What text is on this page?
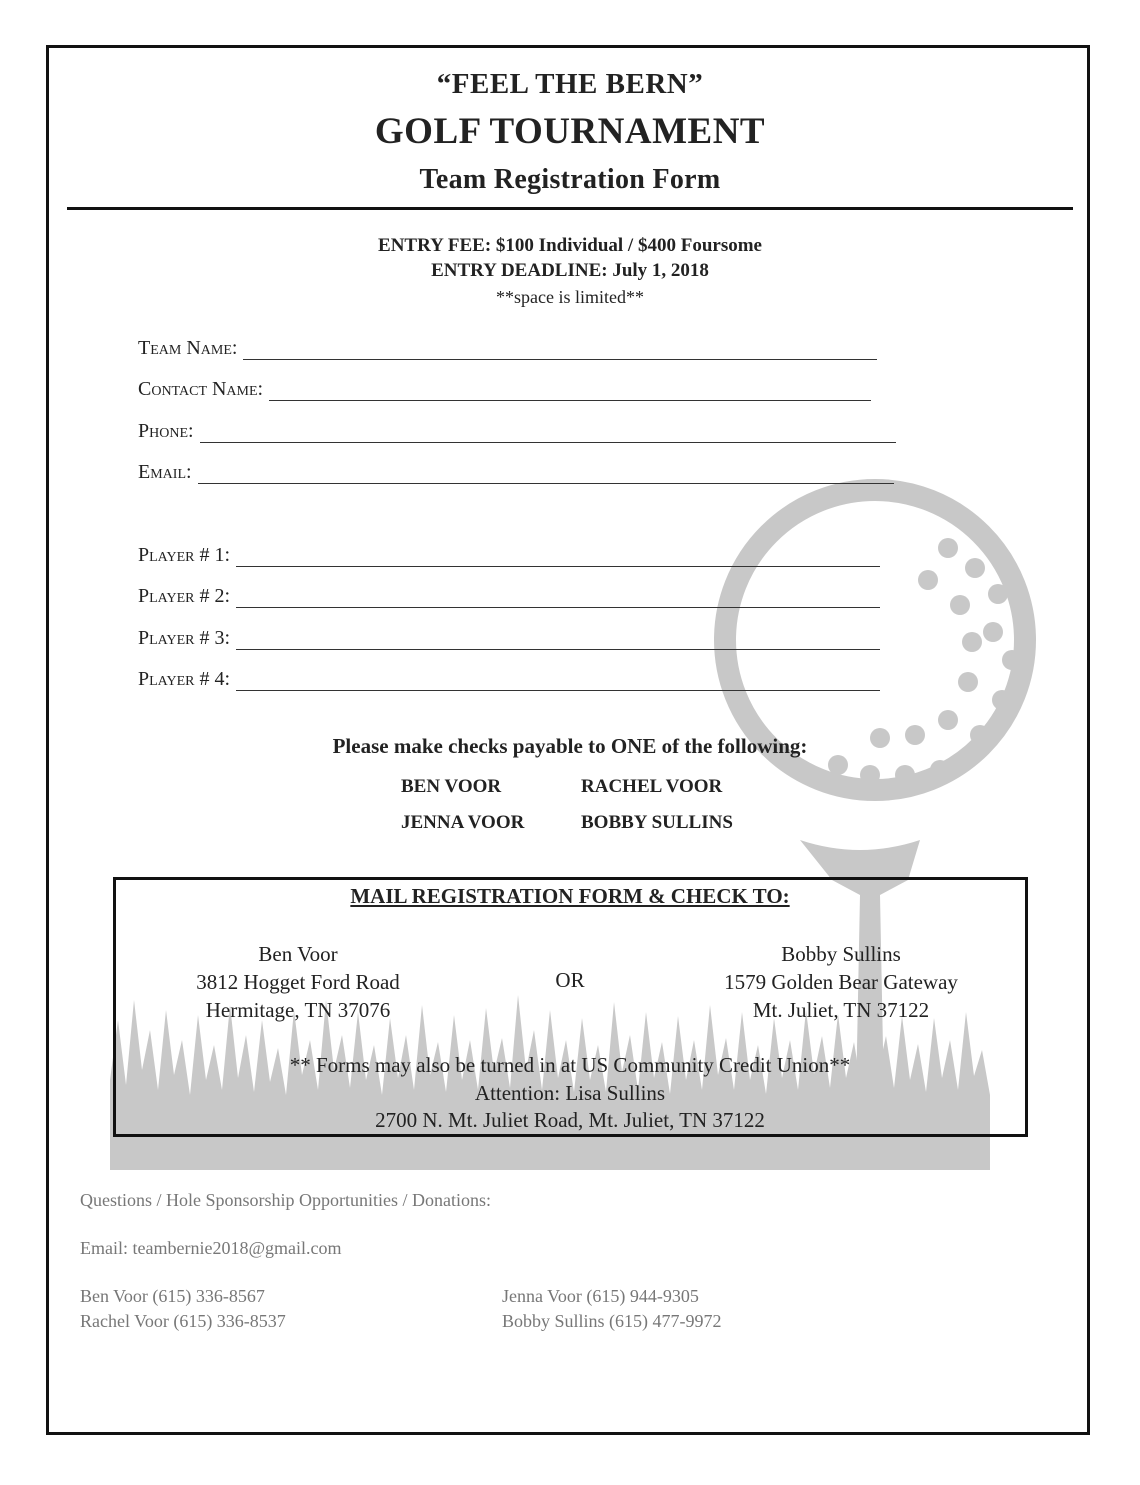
“FEEL THE BERN”
GOLF TOURNAMENT
Team Registration Form
ENTRY FEE: $100 Individual / $400 Foursome
ENTRY DEADLINE: July 1, 2018
**space is limited**
Team Name:
Contact Name:
Phone:
Email:
Player # 1:
Player # 2:
Player # 3:
Player # 4:
Please make checks payable to ONE of the following:
BEN VOOR	RACHEL VOOR
JENNA VOOR	BOBBY SULLINS
MAIL REGISTRATION FORM & CHECK TO:
Ben Voor
3812 Hogget Ford Road
Hermitage, TN 37076
OR
Bobby Sullins
1579 Golden Bear Gateway
Mt. Juliet, TN 37122
** Forms may also be turned in at US Community Credit Union**
Attention: Lisa Sullins
2700 N. Mt. Juliet Road, Mt. Juliet, TN 37122
Questions / Hole Sponsorship Opportunities / Donations:
Email: teambernie2018@gmail.com
Ben Voor (615) 336-8567
Rachel Voor (615) 336-8537
Jenna Voor (615) 944-9305
Bobby Sullins (615) 477-9972
